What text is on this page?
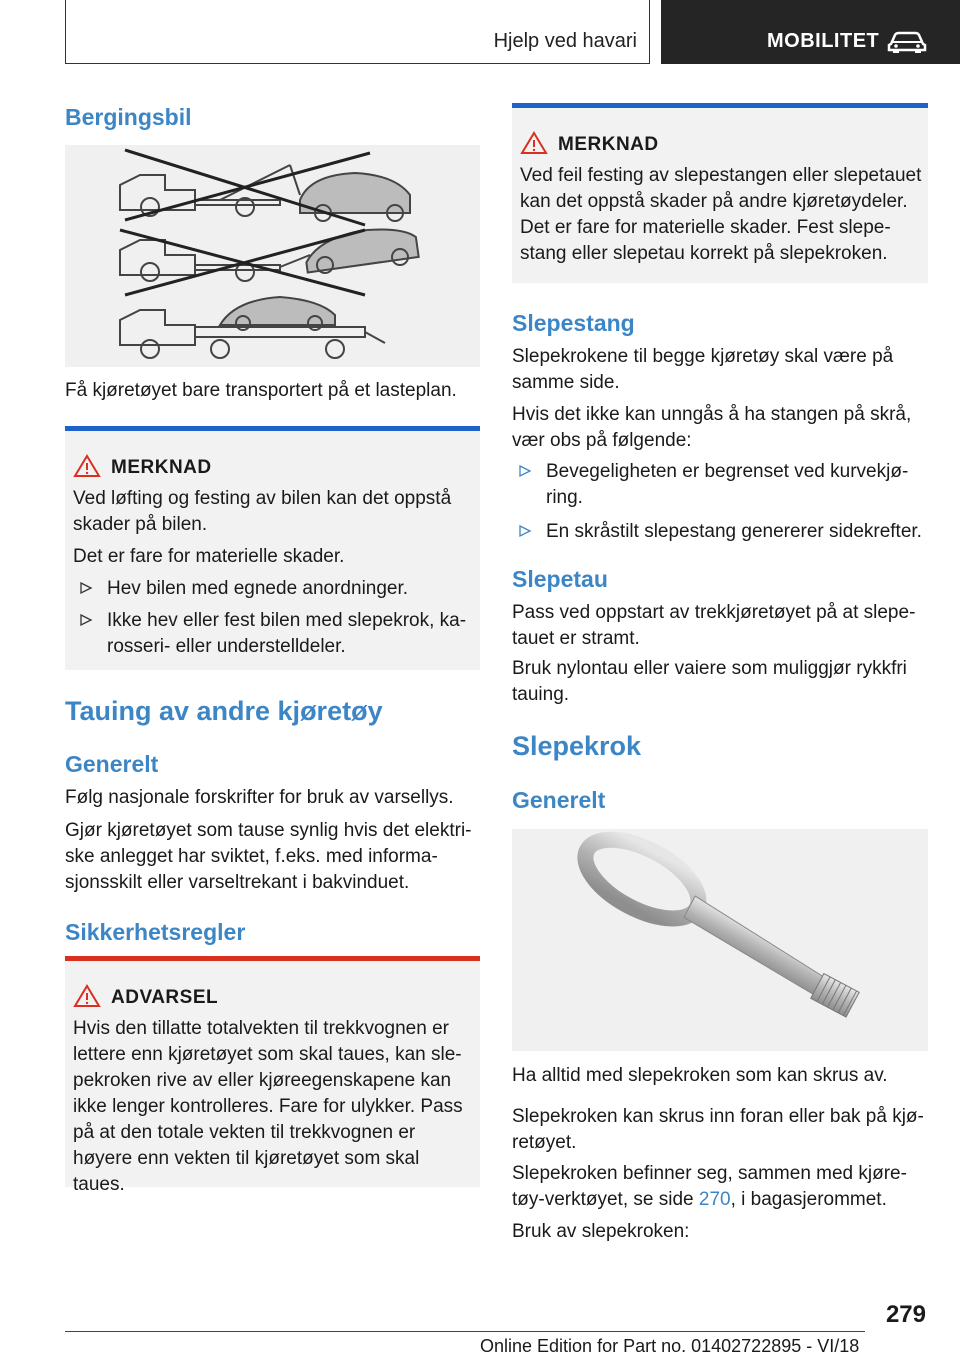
Hjelp ved havari	MOBILITET
Bergingsbil
Få kjøretøyet bare transportert på et lasteplan.
MERKNAD
Ved løfting og festing av bilen kan det oppstå skader på bilen.
Det er fare for materielle skader.
Hev bilen med egnede anordninger.
Ikke hev eller fest bilen med slepekrok, karosseri- eller understelldeler.
Tauing av andre kjøretøy
Generelt
Følg nasjonale forskrifter for bruk av varsellys.
Gjør kjøretøyet som tause synlig hvis det elektriske anlegget har sviktet, f.eks. med informasjonsskilt eller varseltrekant i bakvinduet.
Sikkerhetsregler
ADVARSEL
Hvis den tillatte totalvekten til trekkvognen er lettere enn kjøretøyet som skal taues, kan slepekroken rive av eller kjøreegenskapene kan ikke lenger kontrolleres. Fare for ulykker. Pass på at den totale vekten til trekkvognen er høyere enn vekten til kjøretøyet som skal taues.
MERKNAD
Ved feil festing av slepestangen eller slepetauet kan det oppstå skader på andre kjøretøydeler. Det er fare for materielle skader. Fest slepestang eller slepetau korrekt på slepekroken.
Slepestang
Slepekrokene til begge kjøretøy skal være på samme side.
Hvis det ikke kan unngås å ha stangen på skrå, vær obs på følgende:
Bevegeligheten er begrenset ved kurvekjøring.
En skråstilt slepestang genererer sidekrefter.
Slepetau
Pass ved oppstart av trekkjøretøyet på at slepetauet er stramt.
Bruk nylontau eller vaiere som muliggjør rykkfri tauing.
Slepekrok
Generelt
Ha alltid med slepekroken som kan skrus av.
Slepekroken kan skrus inn foran eller bak på kjøretøyet.
Slepekroken befinner seg, sammen med kjøretøy-verktøyet, se side 270, i bagasjerommet.
Bruk av slepekroken:
279
Online Edition for Part no. 01402722895 - VI/18
